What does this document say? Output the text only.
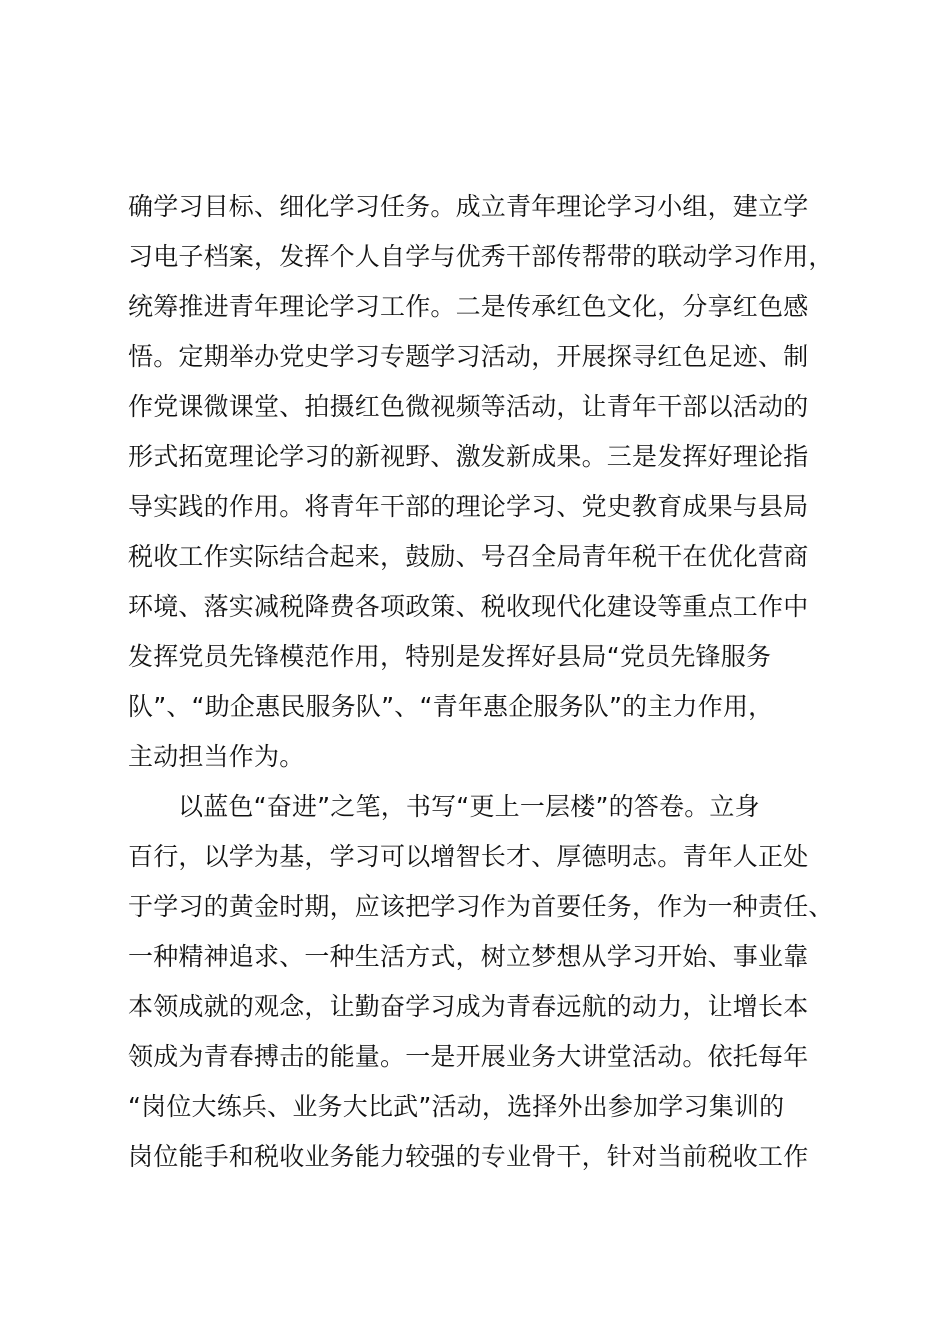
确学习目标、细化学习任务。成立青年理论学习小组，建立学
习电子档案，发挥个人自学与优秀干部传帮带的联动学习作用，
统筹推进青年理论学习工作。二是传承红色文化，分享红色感
悟。定期举办党史学习专题学习活动，开展探寻红色足迹、制
作党课微课堂、拍摄红色微视频等活动，让青年干部以活动的
形式拓宽理论学习的新视野、激发新成果。三是发挥好理论指
导实践的作用。将青年干部的理论学习、党史教育成果与县局
税收工作实际结合起来，鼓励、号召全局青年税干在优化营商
环境、落实减税降费各项政策、税收现代化建设等重点工作中
发挥党员先锋模范作用，特别是发挥好县局“党员先锋服务
队”、“助企惠民服务队”、“青年惠企服务队”的主力作用，
主动担当作为。
以蓝色“奋进”之笔，书写“更上一层楼”的答卷。立身
百行，以学为基，学习可以增智长才、厚德明志。青年人正处
于学习的黄金时期，应该把学习作为首要任务，作为一种责任、
一种精神追求、一种生活方式，树立梦想从学习开始、事业靠
本领成就的观念，让勤奋学习成为青春远航的动力，让增长本
领成为青春搏击的能量。一是开展业务大讲堂活动。依托每年
“岗位大练兵、业务大比武”活动，选择外出参加学习集训的
岗位能手和税收业务能力较强的专业骨干，针对当前税收工作
